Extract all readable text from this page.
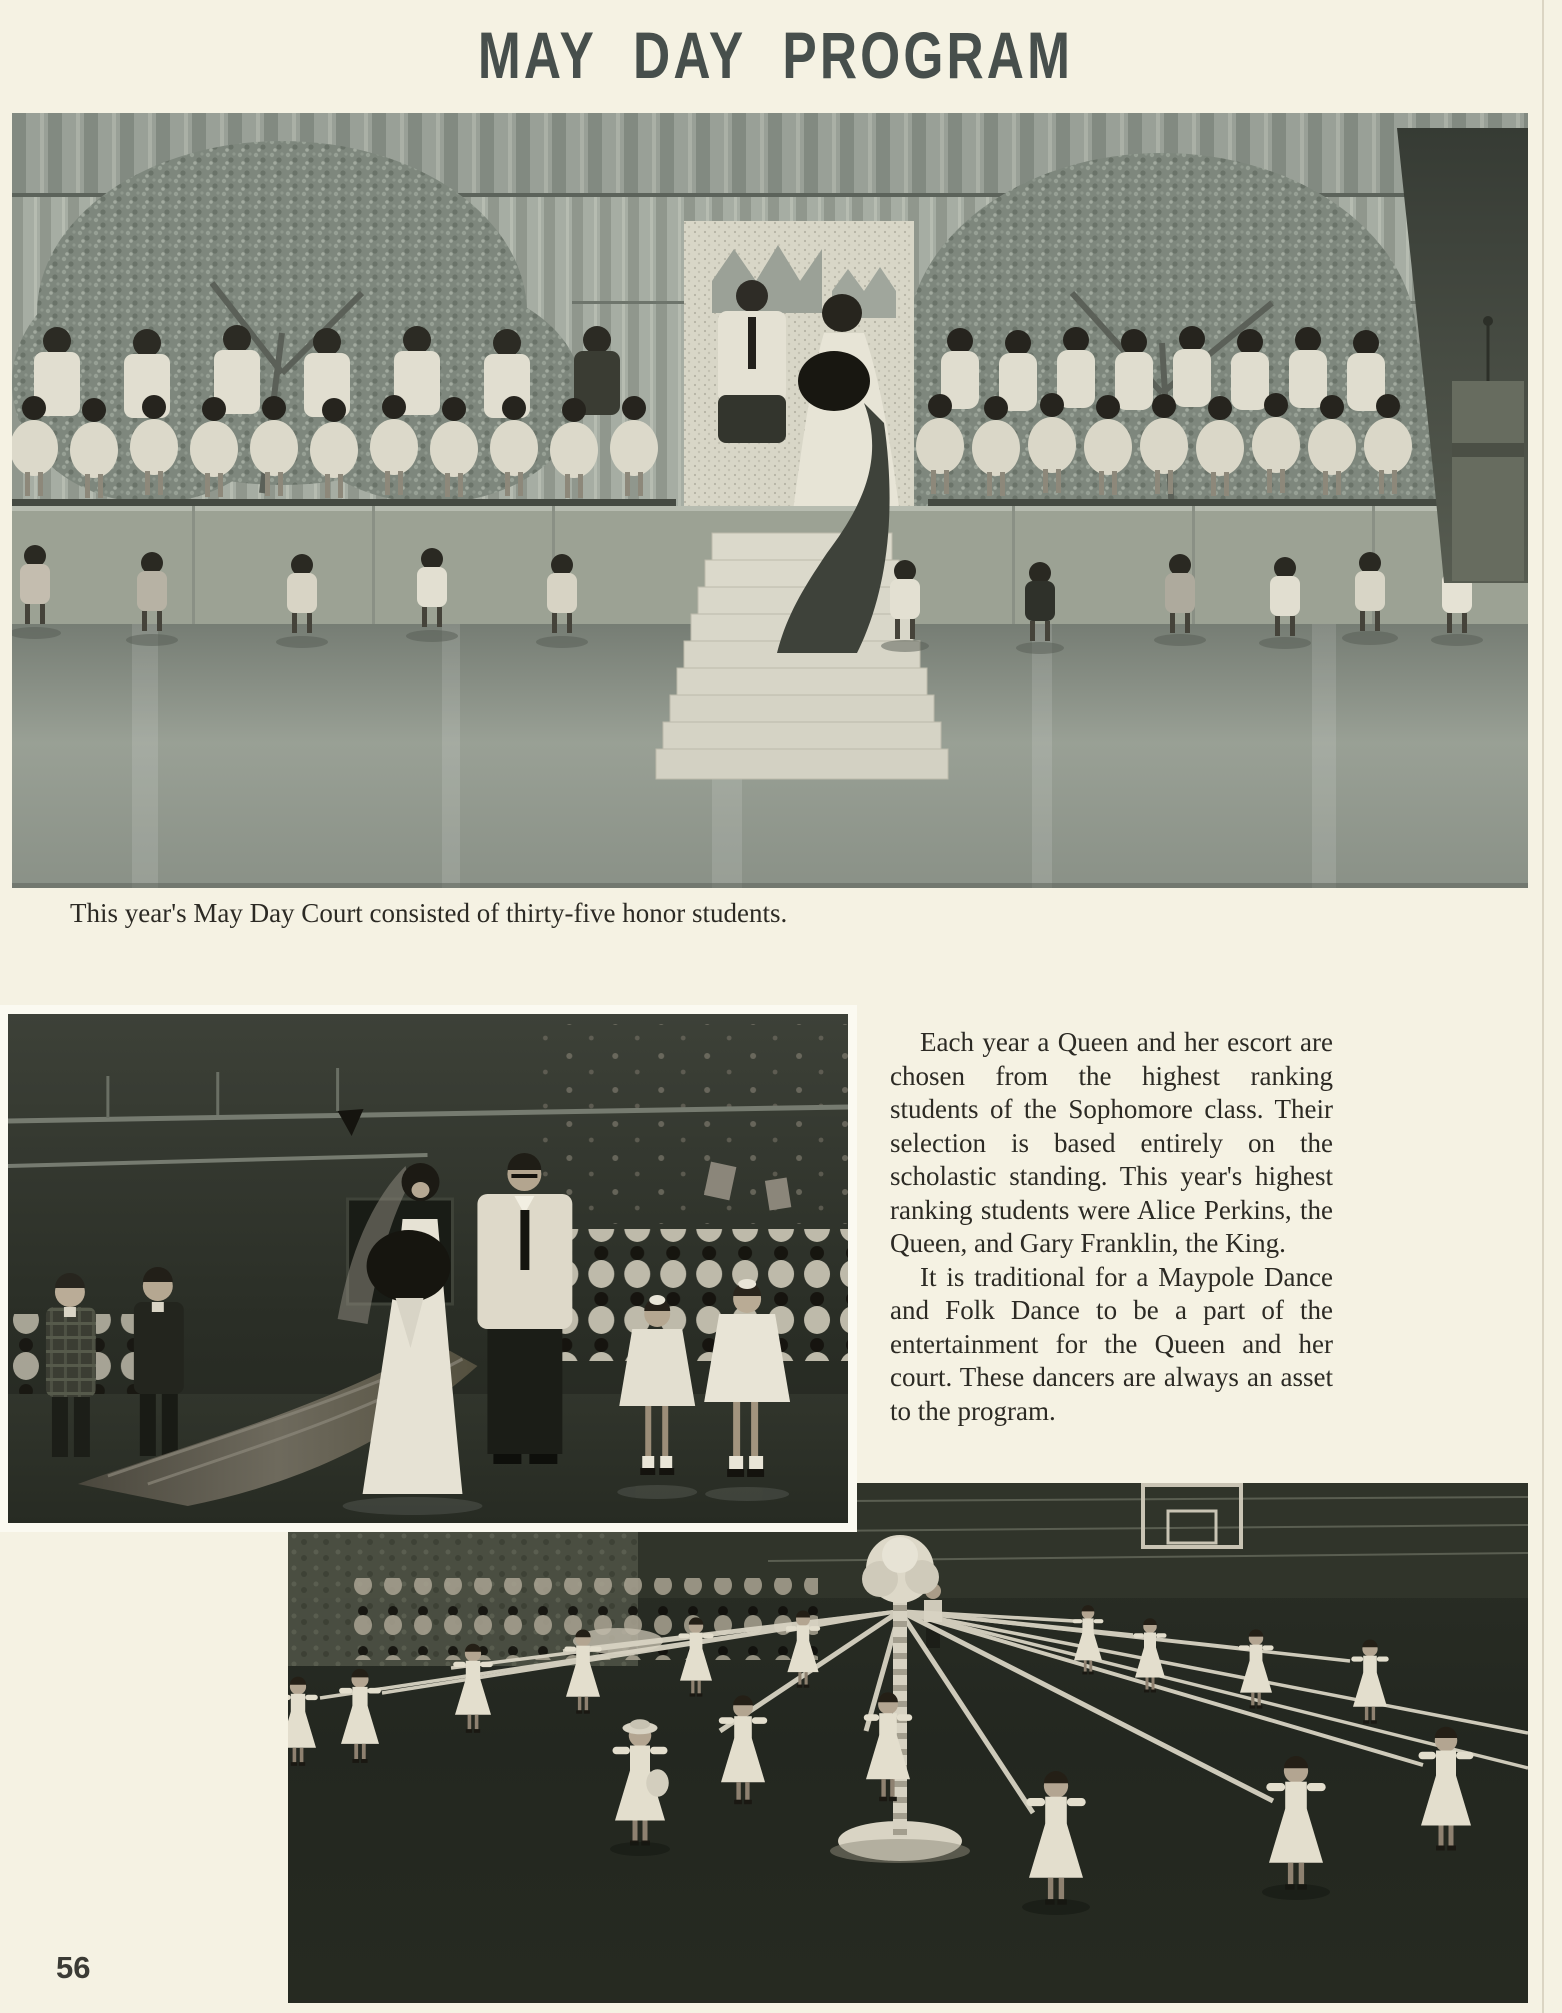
MAY DAY PROGRAM
This year's May Day Court consisted of thirty-five honor students.

Each year a Queen and her escort are chosen from the highest ranking students of the Sophomore class. Their selection is based entirely on the scholastic standing. This year's highest ranking students were Alice Perkins, the Queen, and Gary Franklin, the King.

It is traditional for a Maypole Dance and Folk Dance to be a part of the entertainment for the Queen and her court. These dancers are always an asset to the program.

56
